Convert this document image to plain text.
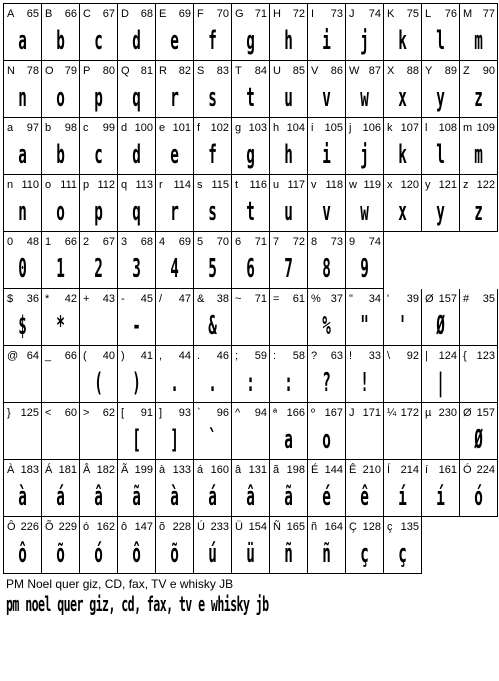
A 65
a
B 66
b
C 67
c
D 68
d
E 69
e
F 70
f
G 71
g
H 72
h
I 73
i
J 74
j
K 75
k
L 76
l
M 77
m
N 78
n
O 79
o
P 80
p
Q 81
q
R 82
r
S 83
s
T 84
t
U 85
u
V 86
v
W 87
w
X 88
x
Y 89
y
Z 90
z
a 97
a
b 98
b
c 99
c
d 100
d
e 101
e
f 102
f
g 103
g
h 104
h
i 105
i
j 106
j
k 107
k
l 108
l
m 109
m
n 110
n
o 111
o
p 112
p
q 113
q
r 114
r
s 115
s
t 116
t
u 117
u
v 118
v
w 119
w
x 120
x
y 121
y
z 122
z
0 48
0
1 66
1
2 67
2
3 68
3
4 69
4
5 70
5
6 71
6
7 72
7
8 73
8
9 74
9
$ 36
$
* 42
*
+ 43 - 45
-
/ 47 & 38
&
~ 71 = 61 % 37
%
" 34
"
' 39
'
Ø 157
Ø
# 35
@ 64 _ 66 ( 40
(
) 41
)
, 44
.
. 46
.
; 59
:
: 58
:
? 63
?
! 33
!
\ 92 | 124
|
{ 123
} 125 < 60 > 62 [ 91
[
] 93
]
` 96
`
^ 94 ª 166
a
º 167
o
J 171 ¼ 172 µ 230 Ø 157
Ø
À 183
à
Á 181
á
Â 182
â
Ã 199
ã
à 133
à
á 160
á
â 131
â
ã 198
ã
É 144
é
Ê 210
ê
Í 214
í
í 161
í
Ó 224
ó
Ô 226
ô
Õ 229
õ
ó 162
ó
ô 147
ô
õ 228
õ
Ú 233
ú
Ü 154
ü
Ñ 165
ñ
ñ 164
ñ
Ç 128
ç
ç 135
ç
PM Noel quer giz, CD, fax, TV e whisky JB
pm noel quer giz, cd, fax, tv e whisky jb
